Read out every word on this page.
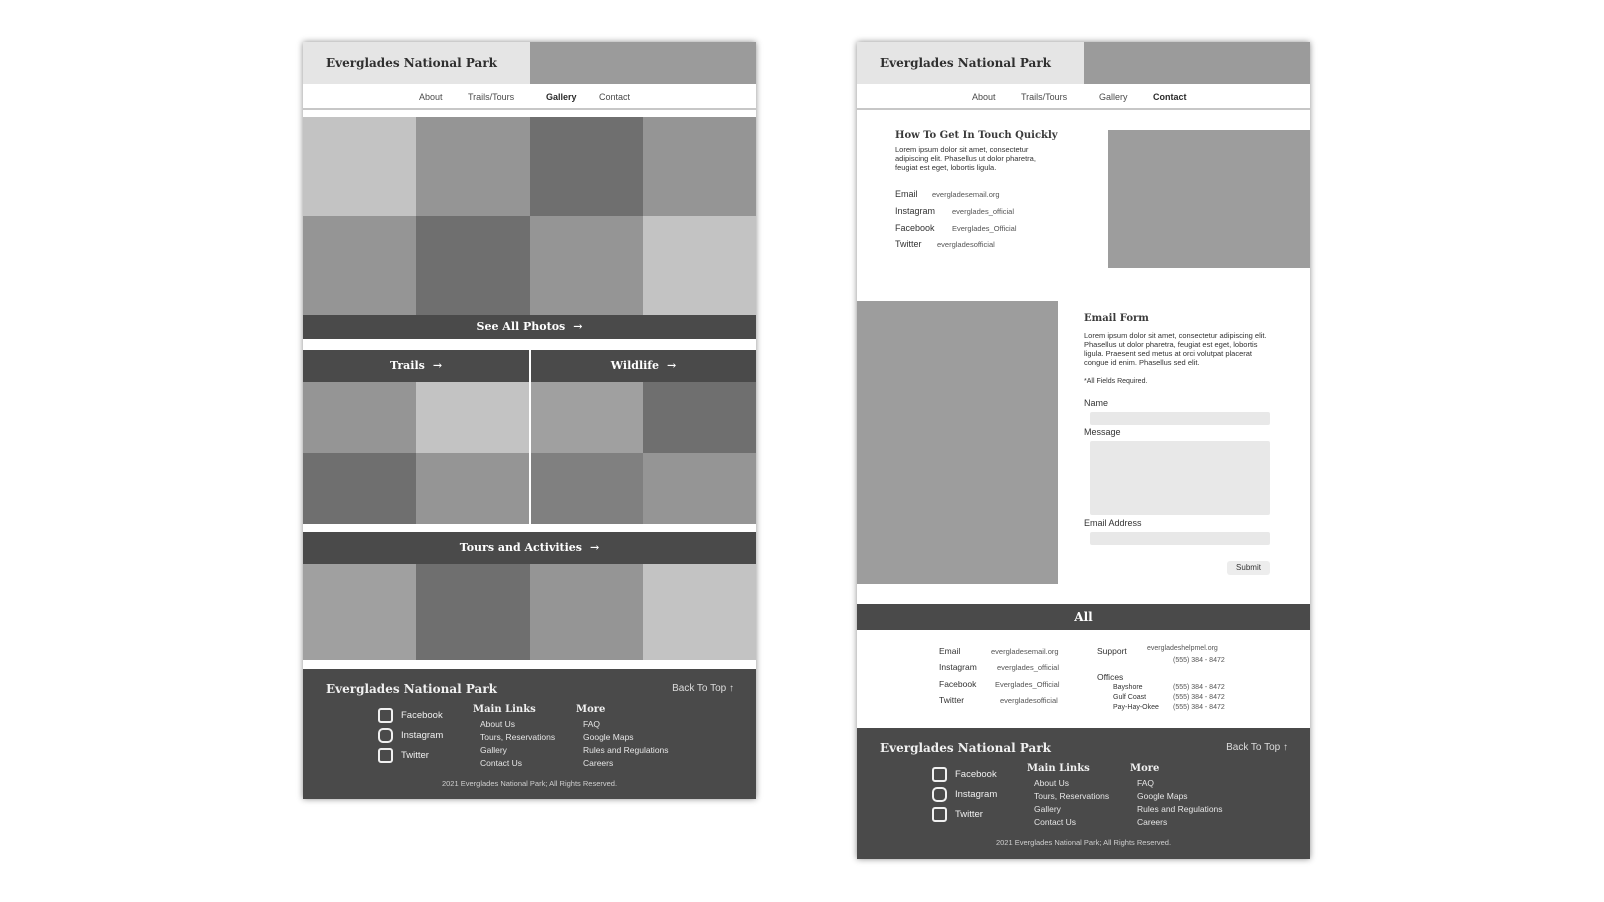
Everglades National Park
About	Trails/Tours	Gallery Contact
See All Photos →
Trails →	Wildlife →
Tours and Activities →
Everglades National Park	Back To Top ↑
Facebook
Instagram
Twitter
Main Links
About Us
Tours, Reservations
Gallery
Contact Us
More
FAQ
Google Maps
Rules and Regulations
Careers
2021 Everglades National Park; All Rights Reserved.
Everglades National Park
About	Trails/Tours	Gallery	Contact
How To Get In Touch Quickly
Lorem ipsum dolor sit amet, consectetur adipiscing elit. Phasellus ut dolor pharetra, feugiat est eget, lobortis ligula.
Email evergladesemail.org
Instagram everglades_official
Facebook Everglades_Official
Twitter evergladesofficial
Email Form
Lorem ipsum dolor sit amet, consectetur adipiscing elit. Phasellus ut dolor pharetra, feugiat est eget, lobortis ligula. Praesent sed metus at orci volutpat placerat congue id enim. Phasellus sed elit.
*All Fields Required.
Name
Message
Email Address
Submit
All
Email	evergladesemail.org
Instagram	everglades_official
Facebook Everglades_Official
Twitter	evergladesofficial
Support	evergladeshelpmel.org
(555) 384 - 8472
Offices
Bayshore	(555) 384 - 8472
Gulf Coast	(555) 384 - 8472
Pay-Hay-Okee (555) 384 - 8472
Everglades National Park	Back To Top ↑
Facebook
Instagram
Twitter
Main Links
About Us
Tours, Reservations
Gallery
Contact Us
More
FAQ
Google Maps
Rules and Regulations
Careers
2021 Everglades National Park; All Rights Reserved.
